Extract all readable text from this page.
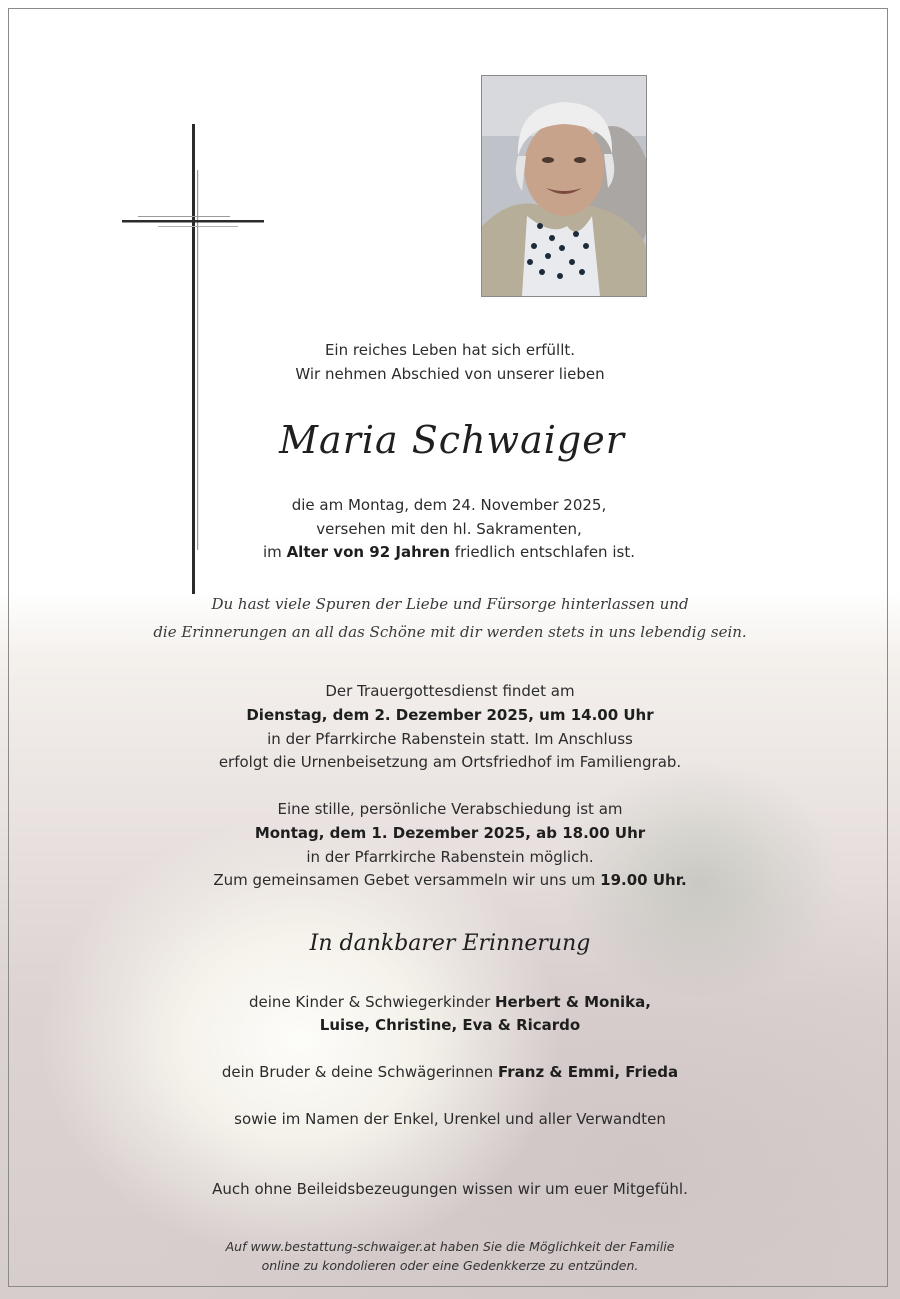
Ein reiches Leben hat sich erfüllt.

Wir nehmen Abschied von unserer lieben

Maria Schwaiger

die am Montag, dem 24. November 2025,

versehen mit den hl. Sakramenten,

im Alter von 92 Jahren friedlich entschlafen ist.

Du hast viele Spuren der Liebe und Fürsorge hinterlassen und

die Erinnerungen an all das Schöne mit dir werden stets in uns lebendig sein.

Der Trauergottesdienst findet am

Dienstag, dem 2. Dezember 2025, um 14.00 Uhr

in der Pfarrkirche Rabenstein statt. Im Anschluss

erfolgt die Urnenbeisetzung am Ortsfriedhof im Familiengrab.

Eine stille, persönliche Verabschiedung ist am

Montag, dem 1. Dezember 2025, ab 18.00 Uhr

in der Pfarrkirche Rabenstein möglich.

Zum gemeinsamen Gebet versammeln wir uns um 19.00 Uhr.

In dankbarer Erinnerung

deine Kinder & Schwiegerkinder Herbert & Monika,

Luise, Christine, Eva & Ricardo

dein Bruder & deine Schwägerinnen Franz & Emmi, Frieda

sowie im Namen der Enkel, Urenkel und aller Verwandten

Auch ohne Beileidsbezeugungen wissen wir um euer Mitgefühl.

Auf www.bestattung-schwaiger.at haben Sie die Möglichkeit der Familie

online zu kondolieren oder eine Gedenkkerze zu entzünden.
